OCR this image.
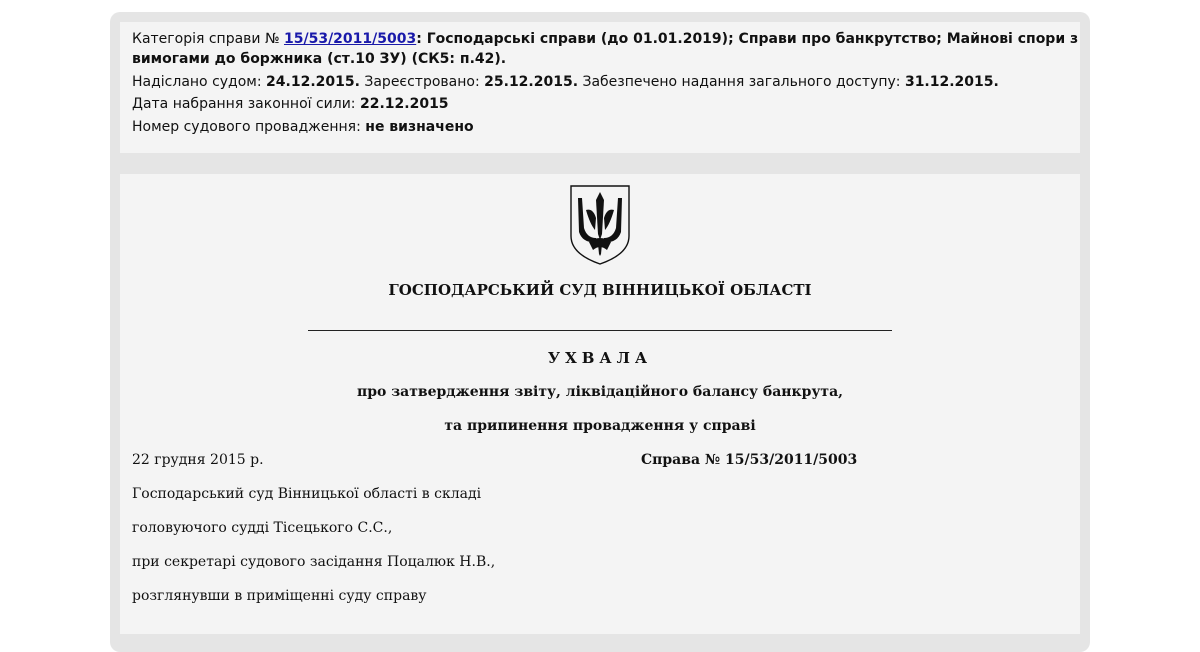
Категорія справи № 15/53/2011/5003: Господарські справи (до 01.01.2019); Справи про банкрутство; Майнові спори з
вимогами до боржника (ст.10 ЗУ) (СК5: п.42).
Надіслано судом: 24.12.2015. Зареєстровано: 25.12.2015. Забезпечено надання загального доступу: 31.12.2015.
Дата набрання законної сили: 22.12.2015
Номер судового провадження: не визначено
ГОСПОДАРСЬКИЙ СУД ВІННИЦЬКОЇ ОБЛАСТІ
УХВАЛА
про затвердження звіту, ліквідаційного балансу банкрута,
та припинення провадження у справі
22 грудня 2015 р.	Справа № 15/53/2011/5003
Господарський суд Вінницької області в складі
головуючого судді Тісецького С.С.,
при секретарі судового засідання Поцалюк Н.В.,
розглянувши в приміщенні суду справу
